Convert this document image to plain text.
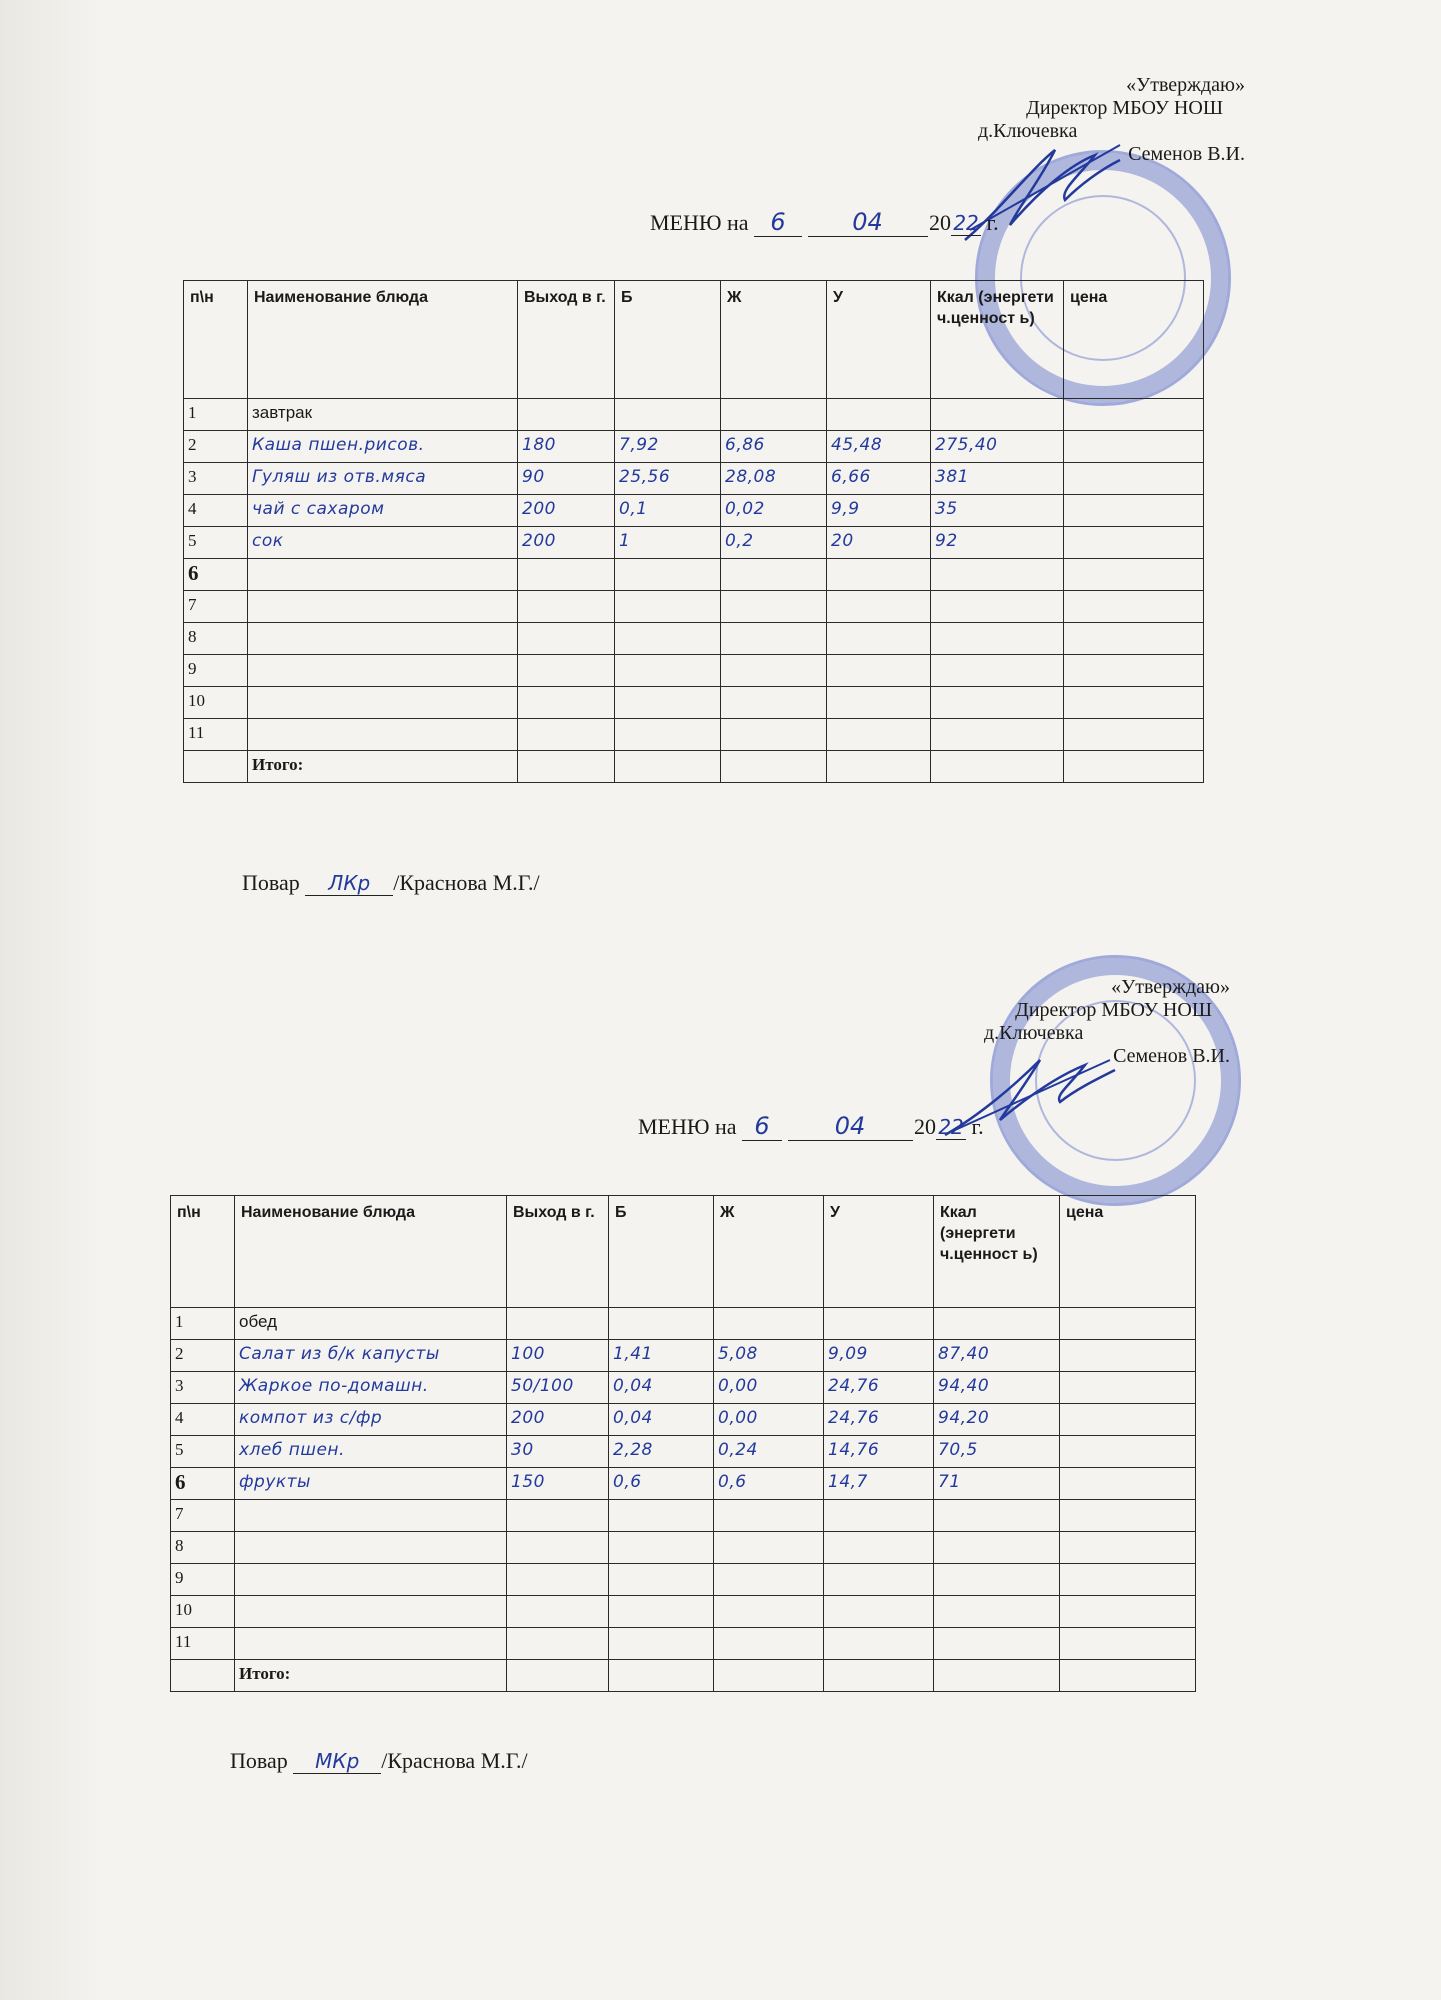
«Утверждаю»
Директор МБОУ НОШ
д.Ключевка
Семенов В.И.
МЕНЮ на 6	04 20 22 г.
п\н	Наименование блюда	Выход в г.	Б	Ж	У	Ккал (энергети ч.ценност ь)	цена
1	завтрак						
2	Каша пшен.рисов.	180	7,92	6,86	45,48	275,40	
3	Гуляш из отв.мяса	90	25,56	28,08	6,66	381	
4	чай с сахаром	200	0,1	0,02	9,9	35	
5	сок	200	1	0,2	20	92	
6							
7							
8							
9							
10							
11							
	Итого:						
Повар ЛКр /Краснова М.Г./
«Утверждаю»
Директор МБОУ НОШ
д.Ключевка
Семенов В.И.
МЕНЮ на 6	04 20 22 г.
п\н	Наименование блюда	Выход в г.	Б	Ж	У	Ккал (энергети ч.ценност ь)	цена
1	обед						
2	Салат из б/к капусты	100	1,41	5,08	9,09	87,40	
3	Жаркое по-домашн.	50/100	0,04	0,00	24,76	94,40	
4	компот из с/фр	200	0,04	0,00	24,76	94,20	
5	хлеб пшен.	30	2,28	0,24	14,76	70,5	
6	фрукты	150	0,6	0,6	14,7	71	
7							
8							
9							
10							
11							
	Итого:						
Повар МКр /Краснова М.Г./
